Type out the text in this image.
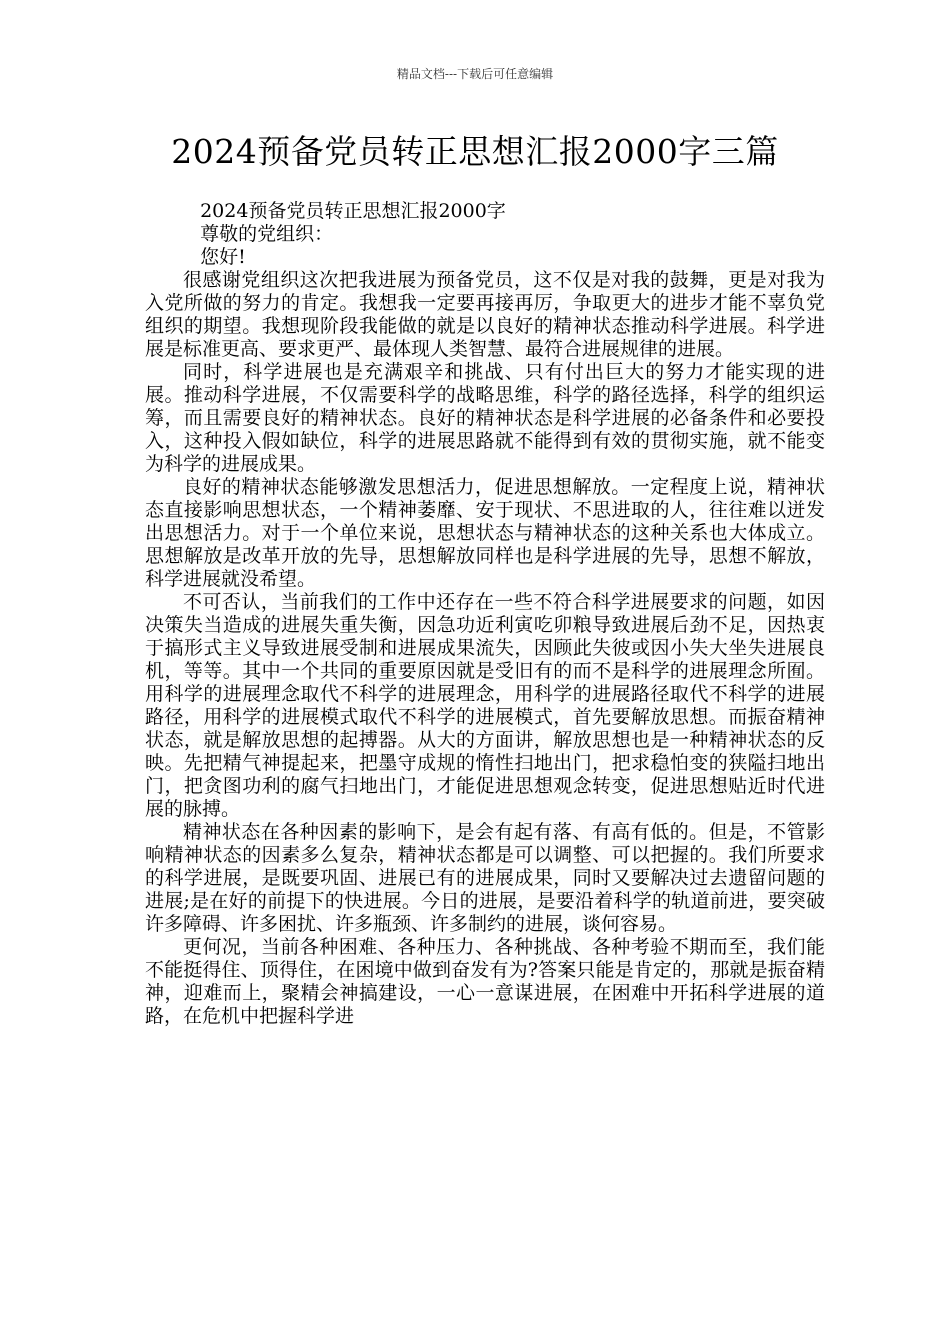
精品文档---下载后可任意编辑
2024预备党员转正思想汇报2000字三篇

2024预备党员转正思想汇报2000字

尊敬的党组织：

您好!

很感谢党组织这次把我进展为预备党员，这不仅是对我的鼓舞，更是对我为入党所做的努力的肯定。我想我一定要再接再厉，争取更大的进步才能不辜负党组织的期望。我想现阶段我能做的就是以良好的精神状态推动科学进展。科学进展是标准更高、要求更严、最体现人类智慧、最符合进展规律的进展。

同时，科学进展也是充满艰辛和挑战、只有付出巨大的努力才能实现的进展。推动科学进展，不仅需要科学的战略思维，科学的路径选择，科学的组织运筹，而且需要良好的精神状态。良好的精神状态是科学进展的必备条件和必要投入，这种投入假如缺位，科学的进展思路就不能得到有效的贯彻实施，就不能变为科学的进展成果。

良好的精神状态能够激发思想活力，促进思想解放。一定程度上说，精神状态直接影响思想状态，一个精神萎靡、安于现状、不思进取的人，往往难以迸发出思想活力。对于一个单位来说，思想状态与精神状态的这种关系也大体成立。思想解放是改革开放的先导，思想解放同样也是科学进展的先导，思想不解放，科学进展就没希望。

不可否认，当前我们的工作中还存在一些不符合科学进展要求的问题，如因决策失当造成的进展失重失衡，因急功近利寅吃卯粮导致进展后劲不足，因热衷于搞形式主义导致进展受制和进展成果流失，因顾此失彼或因小失大坐失进展良机，等等。其中一个共同的重要原因就是受旧有的而不是科学的进展理念所囿。用科学的进展理念取代不科学的进展理念，用科学的进展路径取代不科学的进展路径，用科学的进展模式取代不科学的进展模式，首先要解放思想。而振奋精神状态，就是解放思想的起搏器。从大的方面讲，解放思想也是一种精神状态的反映。先把精气神提起来，把墨守成规的惰性扫地出门，把求稳怕变的狭隘扫地出门，把贪图功利的腐气扫地出门，才能促进思想观念转变，促进思想贴近时代进展的脉搏。

精神状态在各种因素的影响下，是会有起有落、有高有低的。但是，不管影响精神状态的因素多么复杂，精神状态都是可以调整、可以把握的。我们所要求的科学进展，是既要巩固、进展已有的进展成果，同时又要解决过去遗留问题的进展;是在好的前提下的快进展。今日的进展，是要沿着科学的轨道前进，要突破许多障碍、许多困扰、许多瓶颈、许多制约的进展，谈何容易。

更何况，当前各种困难、各种压力、各种挑战、各种考验不期而至，我们能不能挺得住、顶得住，在困境中做到奋发有为?答案只能是肯定的，那就是振奋精神，迎难而上，聚精会神搞建设，一心一意谋进展，在困难中开拓科学进展的道路，在危机中把握科学进
